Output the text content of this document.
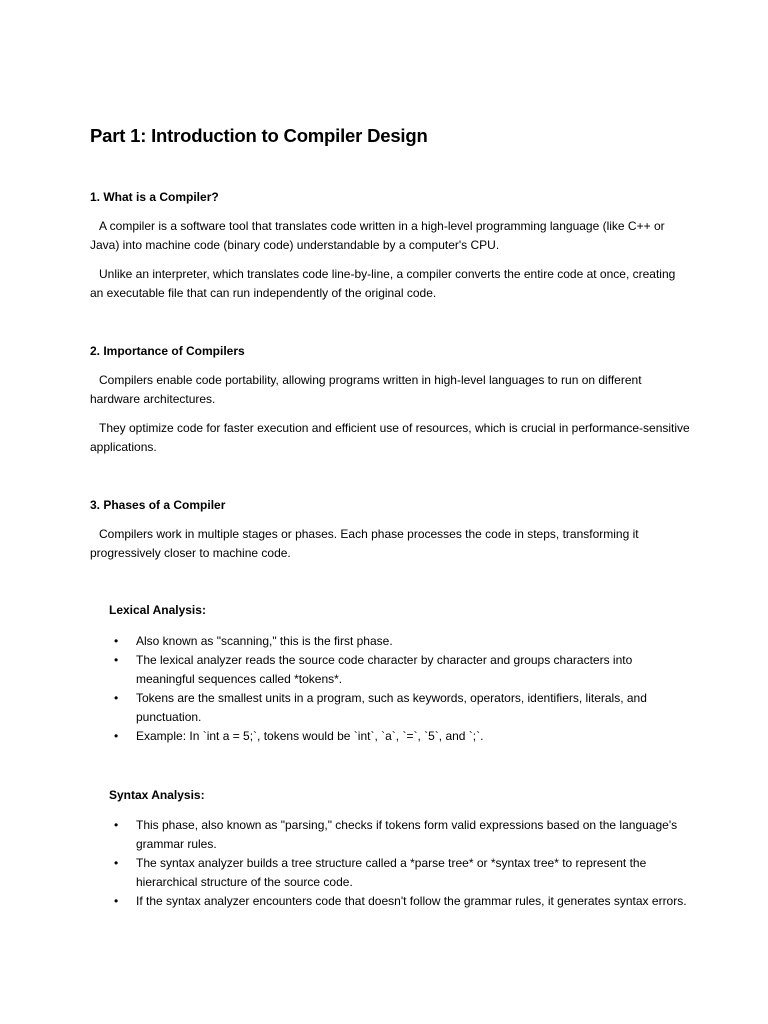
Part 1: Introduction to Compiler Design
1. What is a Compiler?

A compiler is a software tool that translates code written in a high-level programming language (like C++ or Java) into machine code (binary code) understandable by a computer's CPU.

Unlike an interpreter, which translates code line-by-line, a compiler converts the entire code at once, creating an executable file that can run independently of the original code.

2. Importance of Compilers

Compilers enable code portability, allowing programs written in high-level languages to run on different hardware architectures.

They optimize code for faster execution and efficient use of resources, which is crucial in performance-sensitive applications.

3. Phases of a Compiler

Compilers work in multiple stages or phases. Each phase processes the code in steps, transforming it progressively closer to machine code.

Lexical Analysis:
• Also known as "scanning," this is the first phase.
• The lexical analyzer reads the source code character by character and groups characters into meaningful sequences called *tokens*.
• Tokens are the smallest units in a program, such as keywords, operators, identifiers, literals, and punctuation.
• Example: In `int a = 5;`, tokens would be `int`, `a`, `=`, `5`, and `;`.
Syntax Analysis:
• This phase, also known as "parsing," checks if tokens form valid expressions based on the language's grammar rules.
• The syntax analyzer builds a tree structure called a *parse tree* or *syntax tree* to represent the hierarchical structure of the source code.
• If the syntax analyzer encounters code that doesn't follow the grammar rules, it generates syntax errors.
